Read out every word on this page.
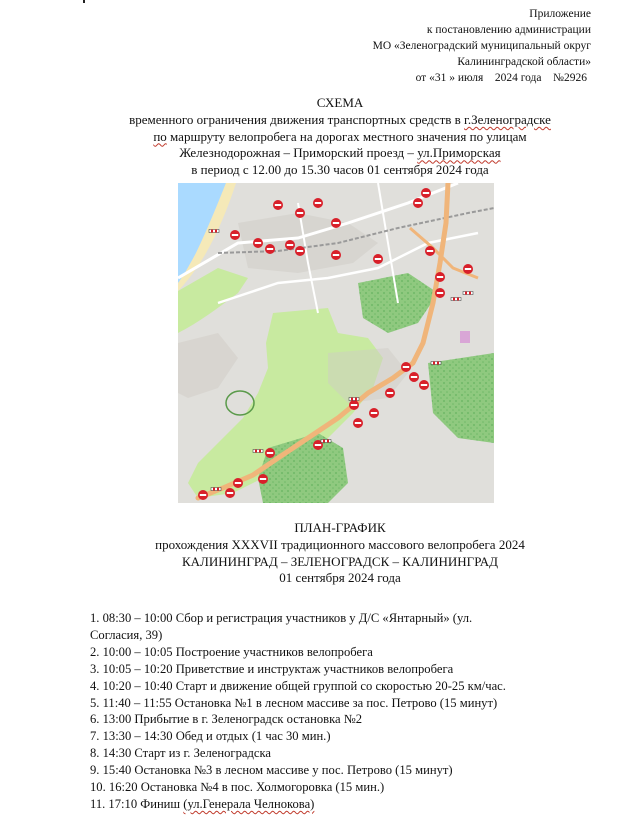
Приложение
к постановлению администрации
МО «Зеленоградский муниципальный округ
Калининградской области»
от «31 » июля 2024 года №2926
СХЕМА
временного ограничения движения транспортных средств в г.Зеленоградске
по маршруту велопробега на дорогах местного значения по улицам
Железнодорожная – Приморский проезд – ул.Приморская
в период с 12.00 до 15.30 часов 01 сентября 2024 года
ПЛАН-ГРАФИК
прохождения XXXVII традиционного массового велопробега 2024
КАЛИНИНГРАД – ЗЕЛЕНОГРАДСК – КАЛИНИНГРАД
01 сентября 2024 года
1. 08:30 – 10:00 Сбор и регистрация участников у Д/С «Янтарный» (ул.
Согласия, 39)
2. 10:00 – 10:05 Построение участников велопробега
3. 10:05 – 10:20 Приветствие и инструктаж участников велопробега
4. 10:20 – 10:40 Старт и движение общей группой со скоростью 20-25 км/час.
5. 11:40 – 11:55 Остановка №1 в лесном массиве за пос. Петрово (15 минут)
6. 13:00 Прибытие в г. Зеленоградск остановка №2
7. 13:30 – 14:30 Обед и отдых (1 час 30 мин.)
8. 14:30 Старт из г. Зеленоградска
9. 15:40 Остановка №3 в лесном массиве у пос. Петрово (15 минут)
10. 16:20 Остановка №4 в пос. Холмогоровка (15 мин.)
11. 17:10 Финиш (ул.Генерала Челнокова)
